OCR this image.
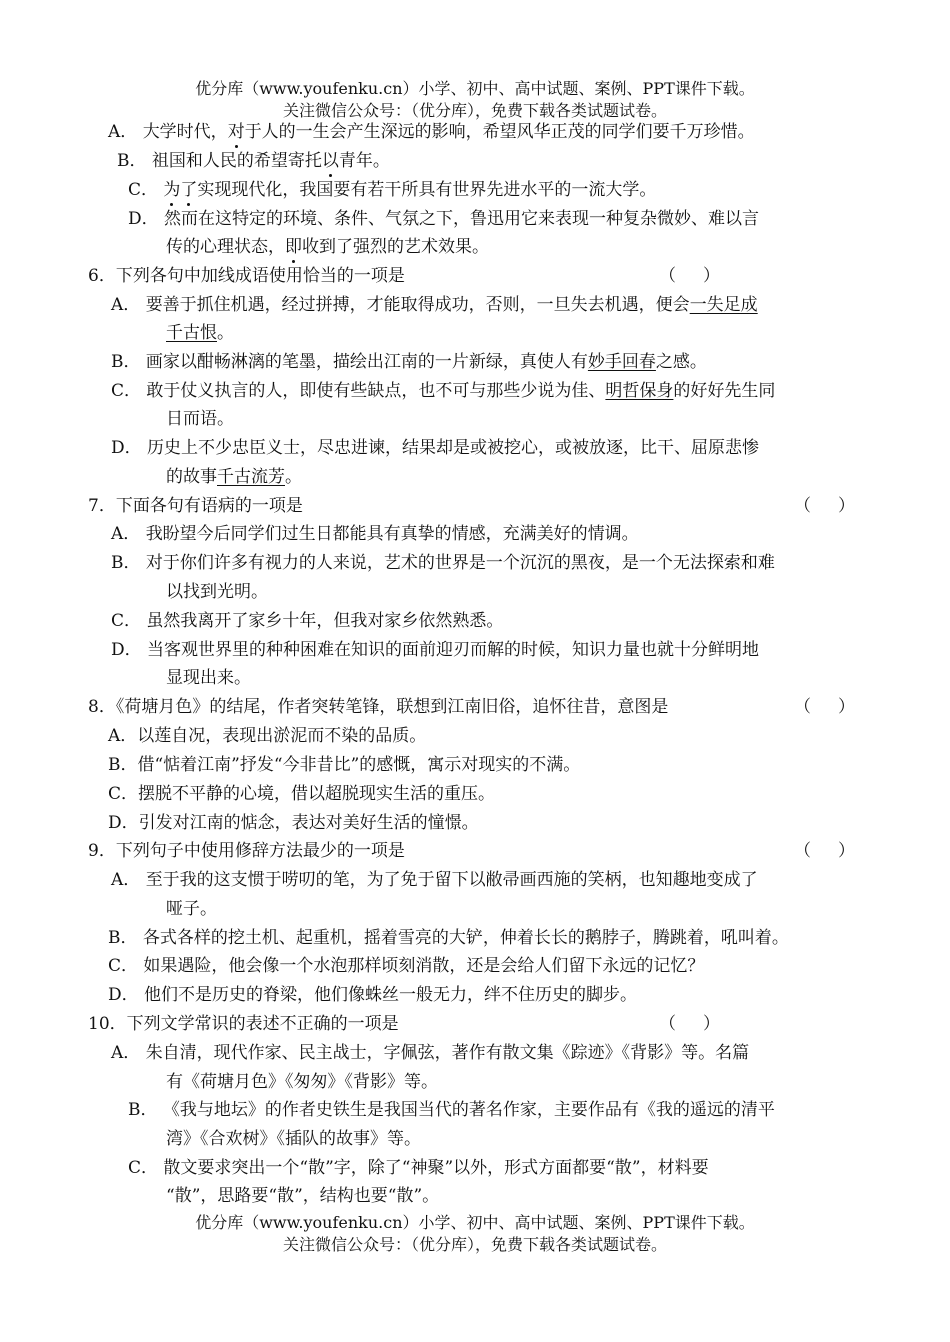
优分库（www.youfenku.cn）小学、初中、高中试题、案例、PPT课件下载。
关注微信公众号：（优分库），免费下载各类试题试卷。
A． 大学时代，对于人的一生会产生深远的影响，希望风华正茂的同学们要千万珍惜。
B． 祖国和人民的希望寄托以青年。
C． 为了实现现代化，我国要有若干所具有世界先进水平的一流大学。
D． 然而在这特定的环境、条件、气氛之下，鲁迅用它来表现一种复杂微妙、难以言
传的心理状态，即收到了强烈的艺术效果。
6．下列各句中加线成语使用恰当的一项是	（     ）
A． 要善于抓住机遇，经过拼搏，才能取得成功，否则，一旦失去机遇，便会一失足成
千古恨。
B． 画家以酣畅淋漓的笔墨，描绘出江南的一片新绿，真使人有妙手回春之感。
C． 敢于仗义执言的人，即使有些缺点，也不可与那些少说为佳、明哲保身的好好先生同
日而语。
D． 历史上不少忠臣义士，尽忠进谏，结果却是或被挖心，或被放逐，比干、屈原悲惨
的故事千古流芳。
7．下面各句有语病的一项是	（     ）
A． 我盼望今后同学们过生日都能具有真挚的情感，充满美好的情调。
B． 对于你们许多有视力的人来说，艺术的世界是一个沉沉的黑夜，是一个无法探索和难
以找到光明。
C． 虽然我离开了家乡十年，但我对家乡依然熟悉。
D． 当客观世界里的种种困难在知识的面前迎刃而解的时候，知识力量也就十分鲜明地
显现出来。
8．《荷塘月色》的结尾，作者突转笔锋，联想到江南旧俗，追怀往昔，意图是	（     ）
A．以莲自况，表现出淤泥而不染的品质。
B．借“惦着江南”抒发“今非昔比”的感慨，寓示对现实的不满。
C．摆脱不平静的心境，借以超脱现实生活的重压。
D．引发对江南的惦念，表达对美好生活的憧憬。
9．下列句子中使用修辞方法最少的一项是	（     ）
A． 至于我的这支惯于唠叨的笔，为了免于留下以敝帚画西施的笑柄，也知趣地变成了
哑子。
B． 各式各样的挖土机、起重机，摇着雪亮的大铲，伸着长长的鹅脖子，腾跳着，吼叫着。
C． 如果遇险，他会像一个水泡那样顷刻消散，还是会给人们留下永远的记忆？
D． 他们不是历史的脊梁，他们像蛛丝一般无力，绊不住历史的脚步。
10．下列文学常识的表述不正确的一项是	（     ）
A． 朱自清，现代作家、民主战士，字佩弦，著作有散文集《踪迹》《背影》等。名篇
有《荷塘月色》《匆匆》《背影》等。
B． 《我与地坛》的作者史铁生是我国当代的著名作家，主要作品有《我的遥远的清平
湾》《合欢树》《插队的故事》等。
C． 散文要求突出一个“散”字，除了“神聚”以外，形式方面都要“散”，材料要
“散”，思路要“散”，结构也要“散”。
优分库（www.youfenku.cn）小学、初中、高中试题、案例、PPT课件下载。
关注微信公众号：（优分库），免费下载各类试题试卷。
